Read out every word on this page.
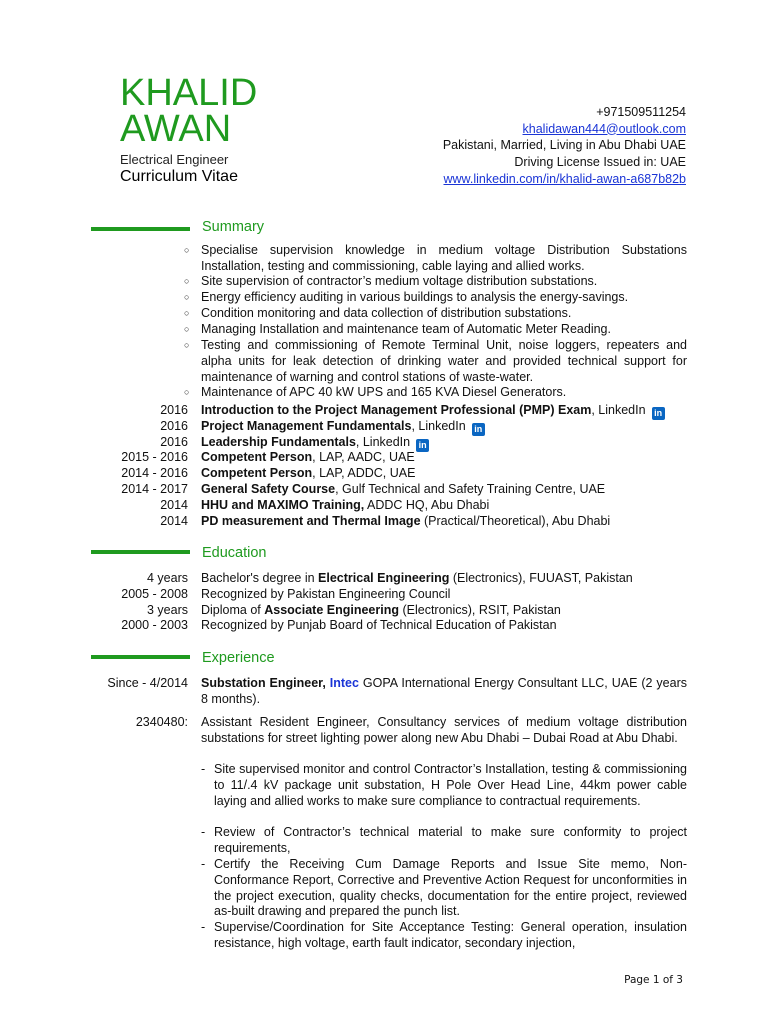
KHALID
AWAN
Electrical Engineer
Curriculum Vitae
+971509511254
khalidawan444@outlook.com
Pakistani, Married, Living in Abu Dhabi UAE
Driving License Issued in: UAE
www.linkedin.com/in/khalid-awan-a687b82b
Summary
○ Specialise supervision knowledge in medium voltage Distribution Substations Installation, testing and commissioning, cable laying and allied works.
○ Site supervision of contractor’s medium voltage distribution substations.
○ Energy efficiency auditing in various buildings to analysis the energy-savings.
○ Condition monitoring and data collection of distribution substations.
○ Managing Installation and maintenance team of Automatic Meter Reading.
○ Testing and commissioning of Remote Terminal Unit, noise loggers, repeaters and alpha units for leak detection of drinking water and provided technical support for maintenance of warning and control stations of waste-water.
○ Maintenance of APC 40 kW UPS and 165 KVA Diesel Generators.
2016 Introduction to the Project Management Professional (PMP) Exam, LinkedIn in
2016 Project Management Fundamentals, LinkedIn in
2016 Leadership Fundamentals, LinkedIn in
2015 - 2016 Competent Person, LAP, AADC, UAE
2014 - 2016 Competent Person, LAP, ADDC, UAE
2014 - 2017 General Safety Course, Gulf Technical and Safety Training Centre, UAE
2014 HHU and MAXIMO Training, ADDC HQ, Abu Dhabi
2014 PD measurement and Thermal Image (Practical/Theoretical), Abu Dhabi
Education
4 years Bachelor's degree in Electrical Engineering (Electronics), FUUAST, Pakistan
2005 - 2008 Recognized by Pakistan Engineering Council
3 years Diploma of Associate Engineering (Electronics), RSIT, Pakistan
2000 - 2003 Recognized by Punjab Board of Technical Education of Pakistan
Experience
Since - 4/2014 Substation Engineer, Intec GOPA International Energy Consultant LLC, UAE (2 years 8 months).
2340480: Assistant Resident Engineer, Consultancy services of medium voltage distribution substations for street lighting power along new Abu Dhabi – Dubai Road at Abu Dhabi.
- Site supervised monitor and control Contractor’s Installation, testing & commissioning to 11/.4 kV package unit substation, H Pole Over Head Line, 44km power cable laying and allied works to make sure compliance to contractual requirements.
- Review of Contractor’s technical material to make sure conformity to project requirements,
- Certify the Receiving Cum Damage Reports and Issue Site memo, Non-Conformance Report, Corrective and Preventive Action Request for unconformities in the project execution, quality checks, documentation for the entire project, reviewed as-built drawing and prepared the punch list.
- Supervise/Coordination for Site Acceptance Testing: General operation, insulation resistance, high voltage, earth fault indicator, secondary injection,
Page 1 of 3
